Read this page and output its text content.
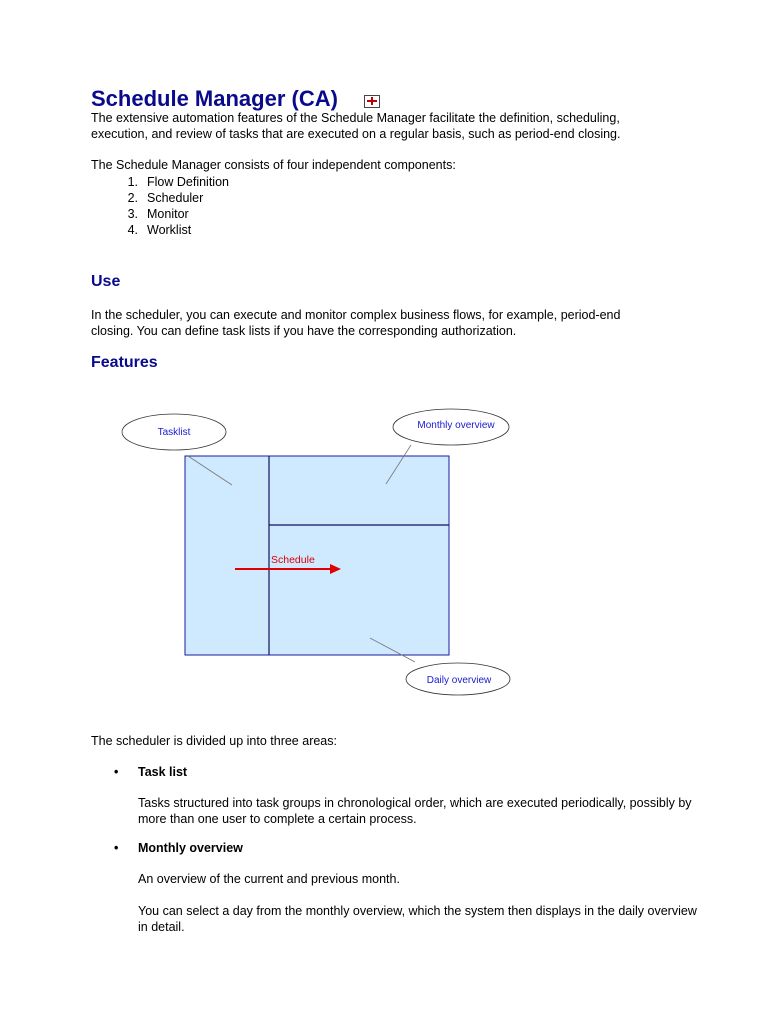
Schedule Manager (CA)

The extensive automation features of the Schedule Manager facilitate the definition, scheduling, execution, and review of tasks that are executed on a regular basis, such as period-end closing.

The Schedule Manager consists of four independent components:

1. Flow Definition
2. Scheduler
3. Monitor
4. Worklist
Use

In the scheduler, you can execute and monitor complex business flows, for example, period-end closing. You can define task lists if you have the corresponding authorization.

Features
Tasklist
Monthly overview
Daily overview
Schedule

The scheduler is divided up into three areas:

•	Task list

Tasks structured into task groups in chronological order, which are executed periodically, possibly by more than one user to complete a certain process.

•	Monthly overview

An overview of the current and previous month.

You can select a day from the monthly overview, which the system then displays in the daily overview in detail.
